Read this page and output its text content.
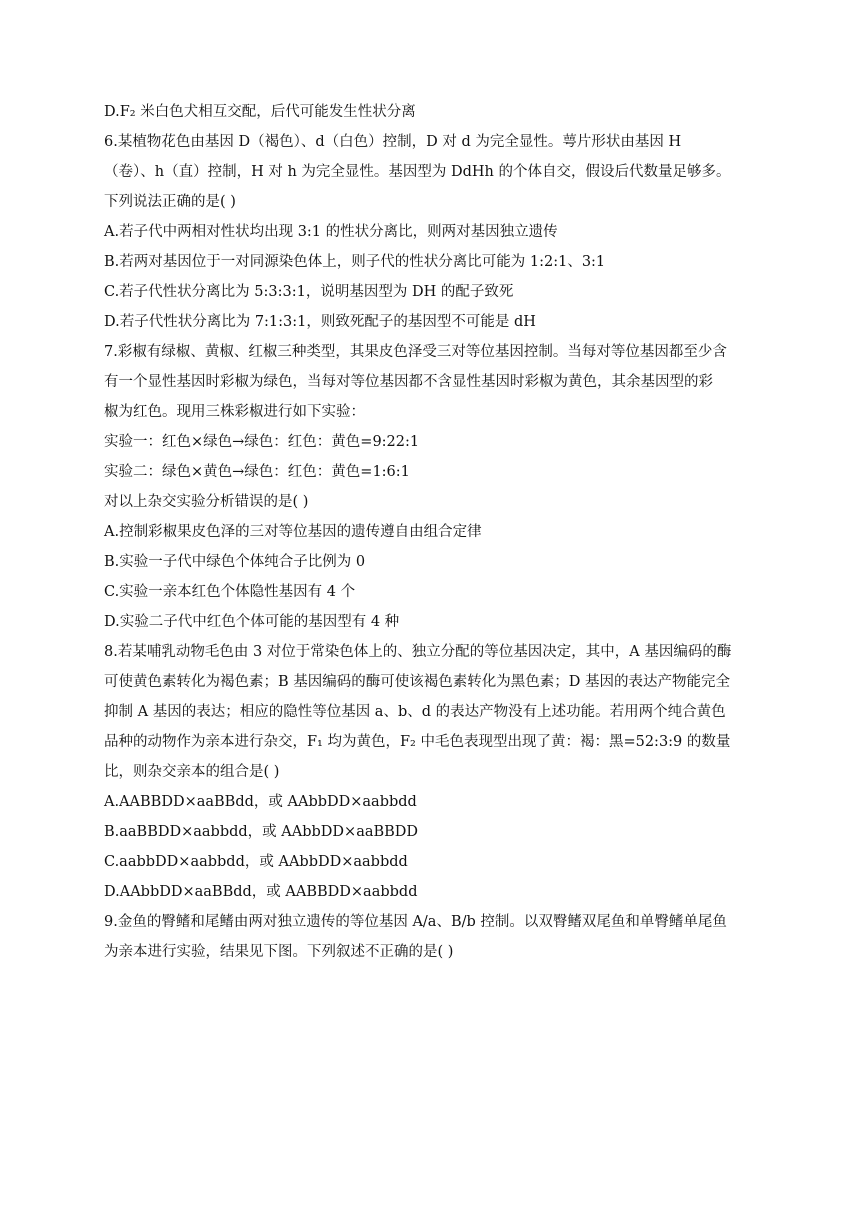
D.F₂ 米白色犬相互交配，后代可能发生性状分离
6.某植物花色由基因 D（褐色）、d（白色）控制，D 对 d 为完全显性。萼片形状由基因 H
（卷）、h（直）控制，H 对 h 为完全显性。基因型为 DdHh 的个体自交，假设后代数量足够多。
下列说法正确的是( )
A.若子代中两相对性状均出现 3:1 的性状分离比，则两对基因独立遗传
B.若两对基因位于一对同源染色体上，则子代的性状分离比可能为 1:2:1、3:1
C.若子代性状分离比为 5:3:3:1，说明基因型为 DH 的配子致死
D.若子代性状分离比为 7:1:3:1，则致死配子的基因型不可能是 dH
7.彩椒有绿椒、黄椒、红椒三种类型，其果皮色泽受三对等位基因控制。当每对等位基因都至少含
有一个显性基因时彩椒为绿色，当每对等位基因都不含显性基因时彩椒为黄色，其余基因型的彩
椒为红色。现用三株彩椒进行如下实验：
实验一：红色×绿色→绿色：红色：黄色=9:22:1
实验二：绿色×黄色→绿色：红色：黄色=1:6:1
对以上杂交实验分析错误的是( )
A.控制彩椒果皮色泽的三对等位基因的遗传遵自由组合定律
B.实验一子代中绿色个体纯合子比例为 0
C.实验一亲本红色个体隐性基因有 4 个
D.实验二子代中红色个体可能的基因型有 4 种
8.若某哺乳动物毛色由 3 对位于常染色体上的、独立分配的等位基因决定，其中，A 基因编码的酶
可使黄色素转化为褐色素；B 基因编码的酶可使该褐色素转化为黑色素；D 基因的表达产物能完全
抑制 A 基因的表达；相应的隐性等位基因 a、b、d 的表达产物没有上述功能。若用两个纯合黄色
品种的动物作为亲本进行杂交，F₁ 均为黄色，F₂ 中毛色表现型出现了黄：褐：黑=52:3:9 的数量
比，则杂交亲本的组合是( )
A.AABBDD×aaBBdd，或 AAbbDD×aabbdd
B.aaBBDD×aabbdd，或 AAbbDD×aaBBDD
C.aabbDD×aabbdd，或 AAbbDD×aabbdd
D.AAbbDD×aaBBdd，或 AABBDD×aabbdd
9.金鱼的臀鳍和尾鳍由两对独立遗传的等位基因 A/a、B/b 控制。以双臀鳍双尾鱼和单臀鳍单尾鱼
为亲本进行实验，结果见下图。下列叙述不正确的是( )
